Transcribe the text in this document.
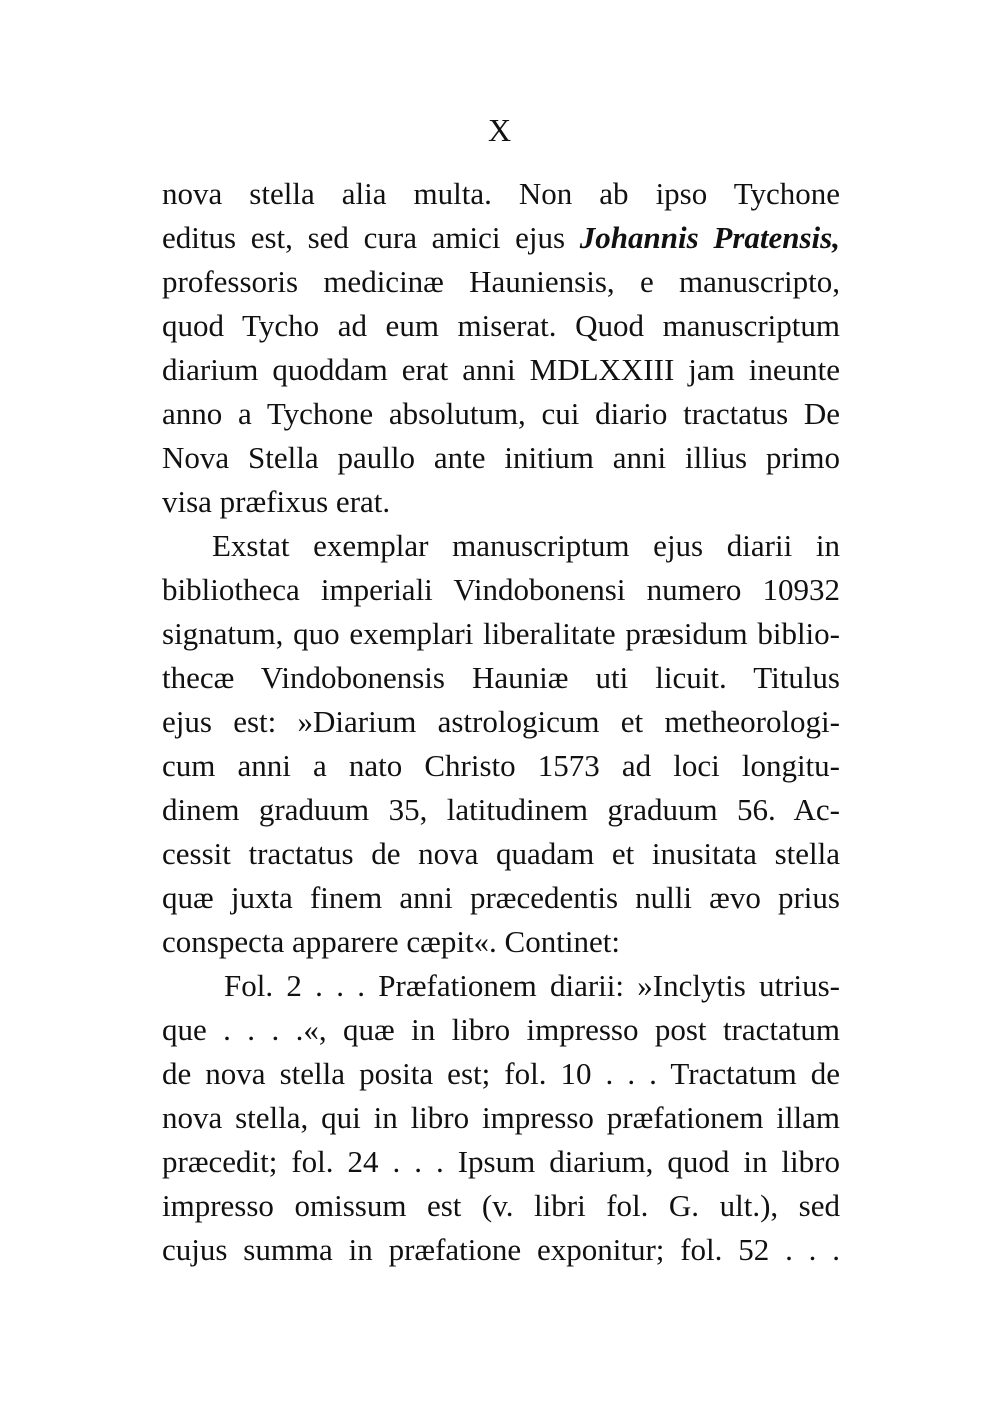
X
nova stella alia multa. Non ab ipso Tychone
editus est, sed cura amici ejus Johannis Pratensis,
professoris medicinæ Hauniensis, e manuscripto,
quod Tycho ad eum miserat. Quod manuscriptum
diarium quoddam erat anni MDLXXIII jam ineunte
anno a Tychone absolutum, cui diario tractatus De
Nova Stella paullo ante initium anni illius primo
visa præfixus erat.
Exstat exemplar manuscriptum ejus diarii in
bibliotheca imperiali Vindobonensi numero 10932
signatum, quo exemplari liberalitate præsidum biblio-
thecæ Vindobonensis Hauniæ uti licuit. Titulus
ejus est: »Diarium astrologicum et metheorologi-
cum anni a nato Christo 1573 ad loci longitu-
dinem graduum 35, latitudinem graduum 56. Ac-
cessit tractatus de nova quadam et inusitata stella
quæ juxta finem anni præcedentis nulli ævo prius
conspecta apparere cæpit«. Continet:
Fol. 2 . . . Præfationem diarii: »Inclytis utrius-
que . . . .«, quæ in libro impresso post tractatum
de nova stella posita est; fol. 10 . . . Tractatum de
nova stella, qui in libro impresso præfationem illam
præcedit; fol. 24 . . . Ipsum diarium, quod in libro
impresso omissum est (v. libri fol. G. ult.), sed
cujus summa in præfatione exponitur; fol. 52 . . .
